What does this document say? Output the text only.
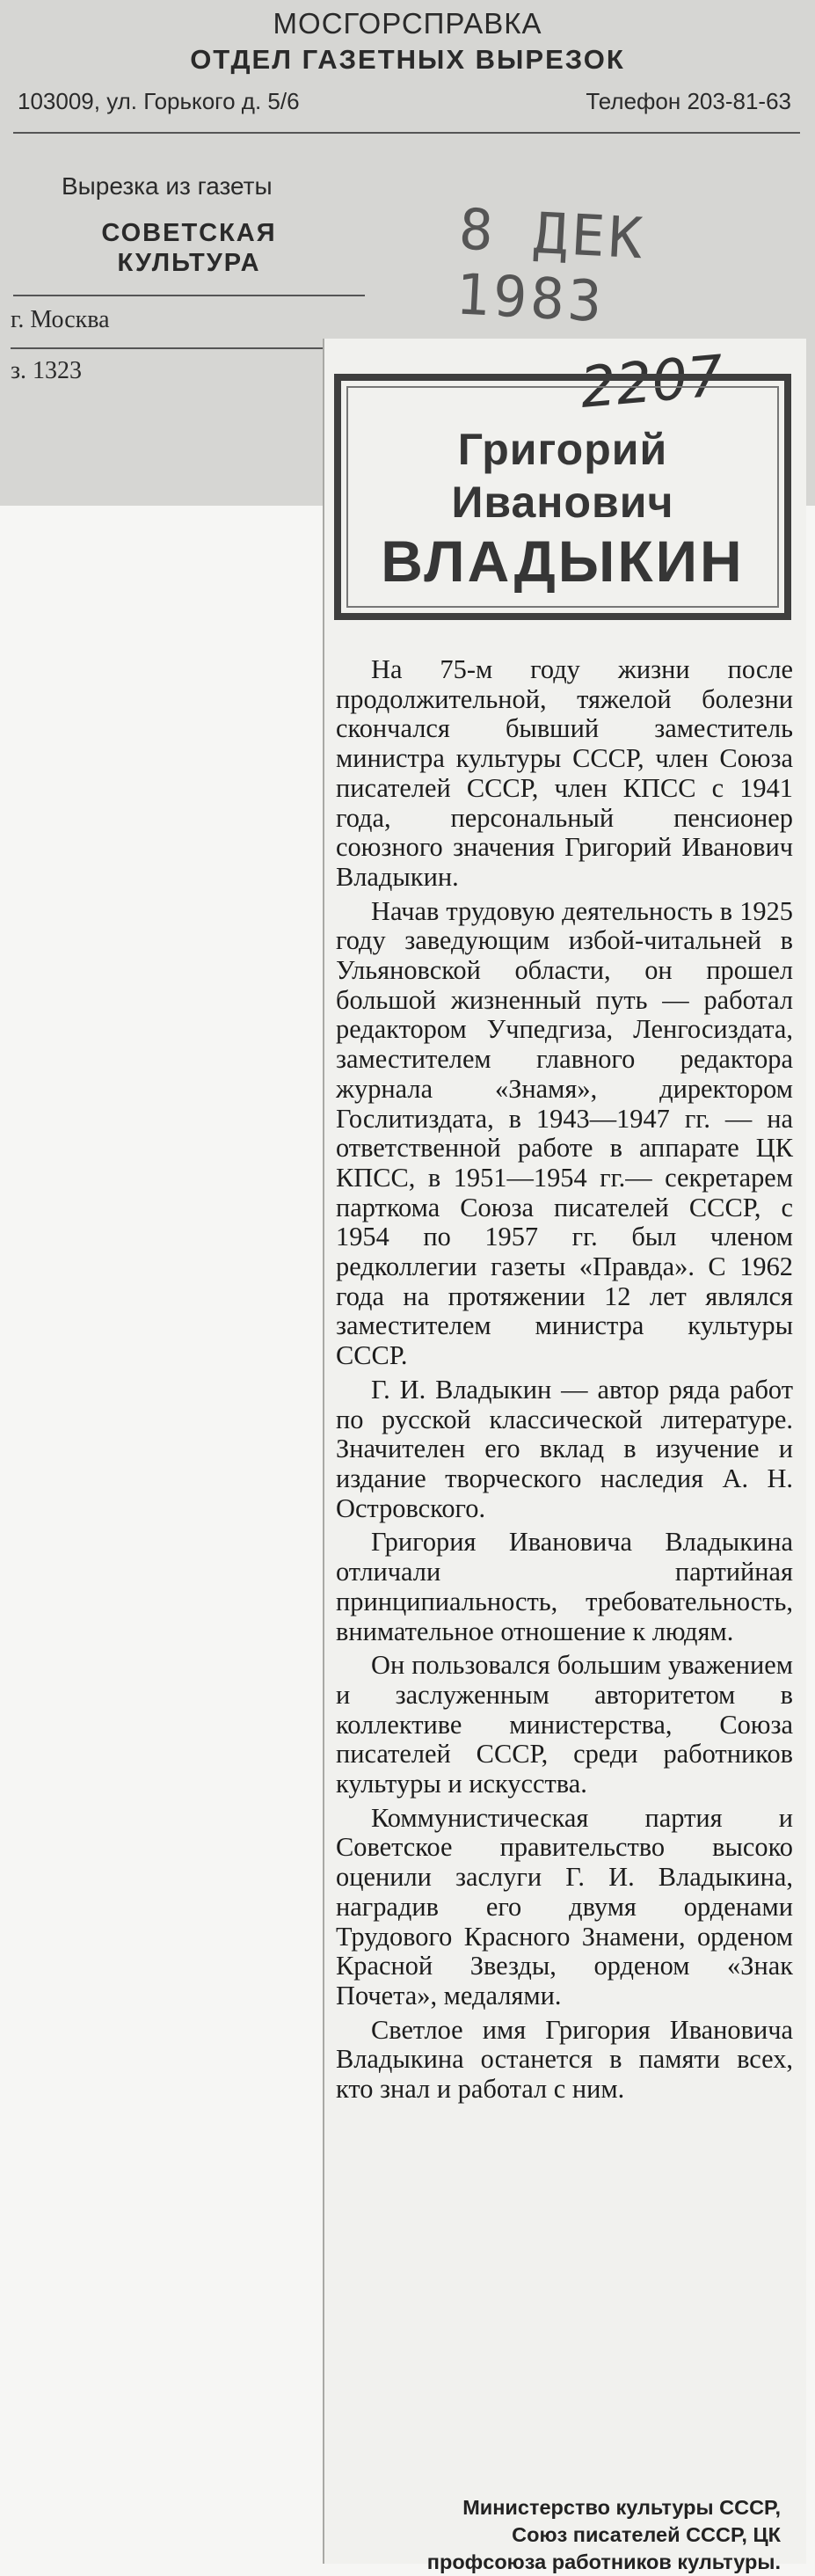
МОСГОРСПРАВКА
ОТДЕЛ ГАЗЕТНЫХ ВЫРЕЗОК
103009, ул. Горького д. 5/6	Телефон 203-81-63
Вырезка из газеты
СОВЕТСКАЯ КУЛЬТУРА
г. Москва
з. 1323
8 ДЕК 1983
2207
Григорий
Иванович
ВЛАДЫКИН

На 75-м году жизни после продолжительной, тяжелой болезни скончался бывший заместитель министра культуры СССР, член Союза писателей СССР, член КПСС с 1941 года, персональный пенсионер союзного значения Григорий Иванович Владыкин.

Начав трудовую деятельность в 1925 году заведующим избой-читальней в Ульяновской области, он прошел большой жизненный путь — работал редактором Учпедгиза, Ленгосиздата, заместителем главного редактора журнала «Знамя», директором Гослитиздата, в 1943—1947 гг. — на ответственной работе в аппарате ЦК КПСС, в 1951—1954 гг.— секретарем парткома Союза писателей СССР, с 1954 по 1957 гг. был членом редколлегии газеты «Правда». С 1962 года на протяжении 12 лет являлся заместителем министра культуры СССР.

Г. И. Владыкин — автор ряда работ по русской классической литературе. Значителен его вклад в изучение и издание творческого наследия А. Н. Островского.

Григория Ивановича Владыкина отличали партийная принципиальность, требовательность, внимательное отношение к людям.

Он пользовался большим уважением и заслуженным авторитетом в коллективе министерства, Союза писателей СССР, среди работников культуры и искусства.

Коммунистическая партия и Советское правительство высоко оценили заслуги Г. И. Владыкина, наградив его двумя орденами Трудового Красного Знамени, орденом Красной Звезды, орденом «Знак Почета», медалями.

Светлое имя Григория Ивановича Владыкина останется в памяти всех, кто знал и работал с ним.

Министерство культуры СССР, Союз писателей СССР, ЦК профсоюза работников культуры.
